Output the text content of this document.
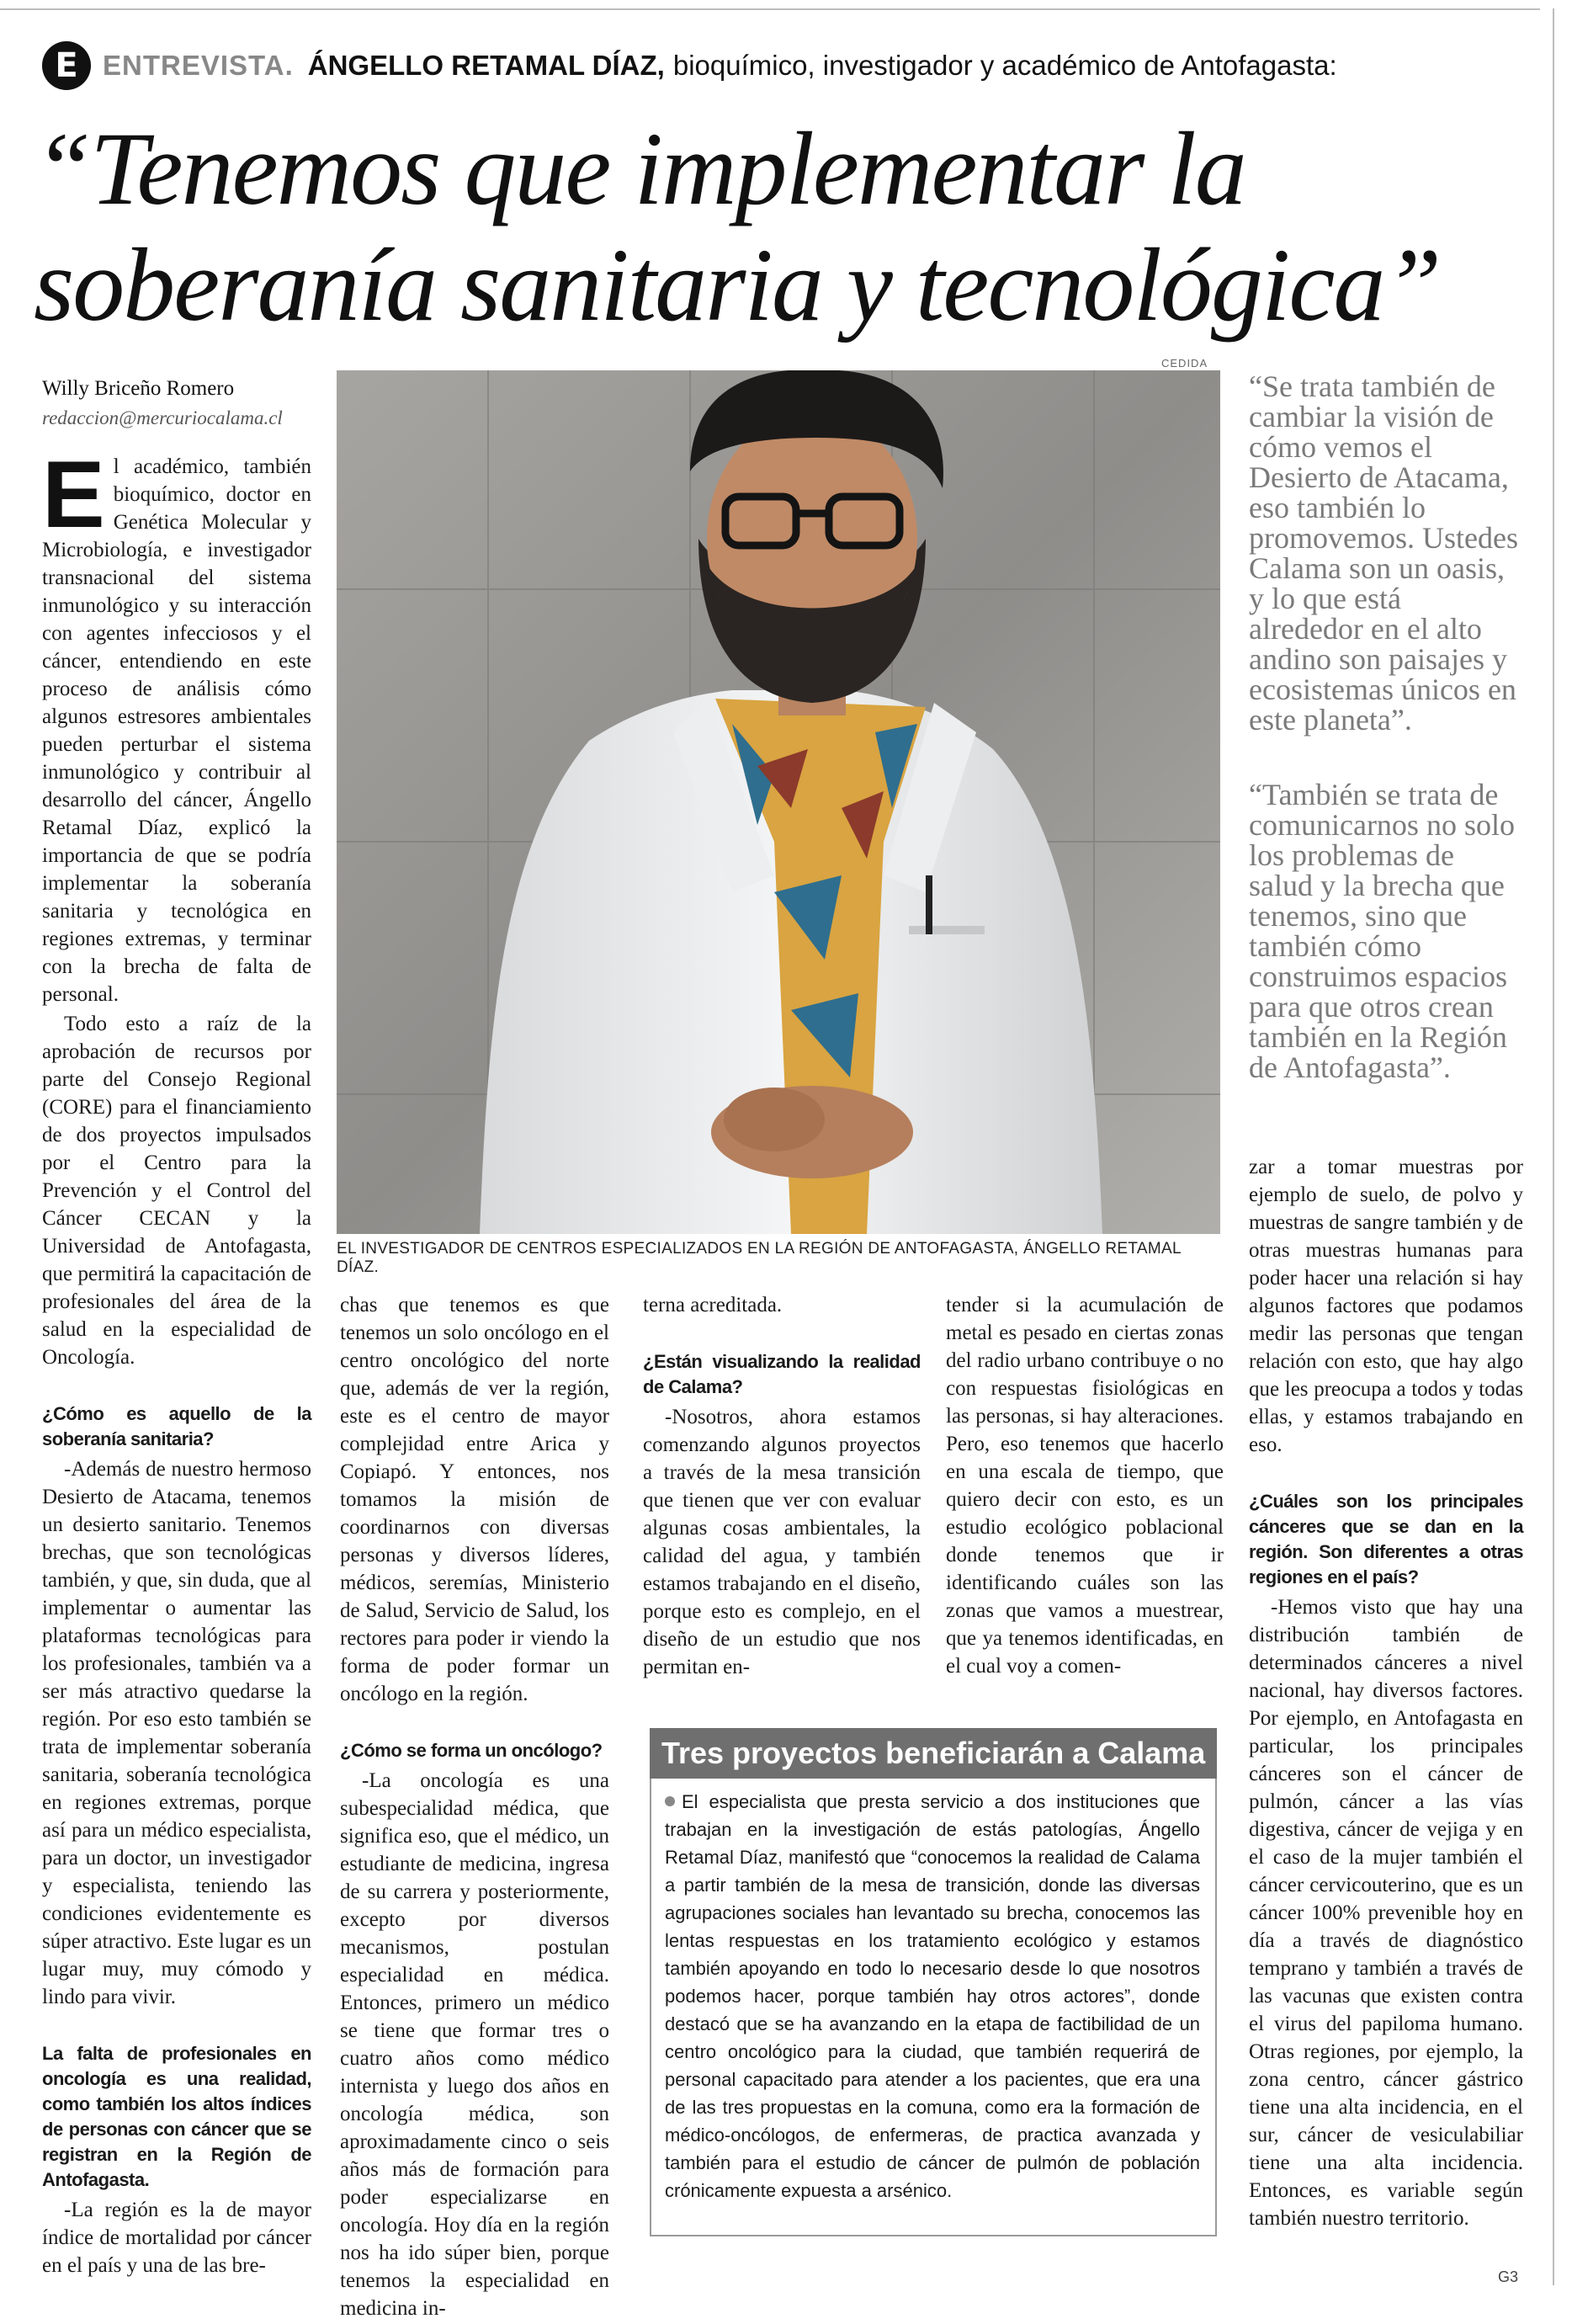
E ENTREVISTA . ÁNGELLO RETAMAL DÍAZ, bioquímico, investigador y académico de Antofagasta:
“Tenemos que implementar la
soberanía sanitaria y tecnológica”
Willy Briceño Romero
redaccion@mercuriocalama.cl

El académico, también bioquímico, doctor en Genética Molecular y Microbiología, e investigador transnacional del sistema inmunológico y su interacción con agentes infecciosos y el cáncer, entendiendo en este proceso de análisis cómo algunos estresores ambientales pueden perturbar el sistema inmunológico y contribuir al desarrollo del cáncer, Ángello Retamal Díaz, explicó la importancia de que se podría implementar la soberanía sanitaria y tecnológica en regiones extremas, y terminar con la brecha de falta de personal.

Todo esto a raíz de la aprobación de recursos por parte del Consejo Regional (CORE) para el financiamiento de dos proyectos impulsados por el Centro para la Prevención y el Control del Cáncer CECAN y la Universidad de Antofagasta, que permitirá la capacitación de profesionales del área de la salud en la especialidad de Oncología.

¿Cómo es aquello de la soberanía sanitaria?

-Además de nuestro hermoso Desierto de Atacama, tenemos un desierto sanitario. Tenemos brechas, que son tecnológicas también, y que, sin duda, que al implementar o aumentar las plataformas tecnológicas para los profesionales, también va a ser más atractivo quedarse la región. Por eso esto también se trata de implementar soberanía sanitaria, soberanía tecnológica en regiones extremas, porque así para un médico especialista, para un doctor, un investigador y especialista, teniendo las condiciones evidentemente es súper atractivo. Este lugar es un lugar muy, muy cómodo y lindo para vivir.

La falta de profesionales en oncología es una realidad, como también los altos índices de personas con cáncer que se registran en la Región de Antofagasta.

-La región es la de mayor índice de mortalidad por cáncer en el país y una de las bre-

CEDIDA
EL INVESTIGADOR DE CENTROS ESPECIALIZADOS EN LA REGIÓN DE ANTOFAGASTA, ÁNGELLO RETAMAL DÍAZ.
“Se trata también de cambiar la visión de cómo vemos el Desierto de Atacama, eso también lo promovemos. Ustedes Calama son un oasis, y lo que está alrededor en el alto andino son paisajes y ecosistemas únicos en este planeta”.
“También se trata de comunicarnos no solo los problemas de salud y la brecha que tenemos, sino que también cómo construimos espacios para que otros crean también en la Región de Antofagasta”.

chas que tenemos es que tenemos un solo oncólogo en el centro oncológico del norte que, además de ver la región, este es el centro de mayor complejidad entre Arica y Copiapó. Y entonces, nos tomamos la misión de coordinarnos con diversas personas y diversos líderes, médicos, seremías, Ministerio de Salud, Servicio de Salud, los rectores para poder ir viendo la forma de poder formar un oncólogo en la región.

¿Cómo se forma un oncólogo?

-La oncología es una subespecialidad médica, que significa eso, que el médico, un estudiante de medicina, ingresa de su carrera y posteriormente, excepto por diversos mecanismos, postulan especialidad en médica. Entonces, primero un médico se tiene que formar tres o cuatro años como médico internista y luego dos años en oncología médica, son aproximadamente cinco o seis años más de formación para poder especializarse en oncología. Hoy día en la región nos ha ido súper bien, porque tenemos la especialidad en medicina in-

terna acreditada.

¿Están visualizando la realidad de Calama?

-Nosotros, ahora estamos comenzando algunos proyectos a través de la mesa transición que tienen que ver con evaluar algunas cosas ambientales, la calidad del agua, y también estamos trabajando en el diseño, porque esto es complejo, en el diseño de un estudio que nos permitan en-

tender si la acumulación de metal es pesado en ciertas zonas del radio urbano contribuye o no con respuestas fisiológicas en las personas, si hay alteraciones. Pero, eso tenemos que hacerlo en una escala de tiempo, que quiero decir con esto, es un estudio ecológico poblacional donde tenemos que ir identificando cuáles son las zonas que vamos a muestrear, que ya tenemos identificadas, en el cual voy a comen-

zar a tomar muestras por ejemplo de suelo, de polvo y muestras de sangre también y de otras muestras humanas para poder hacer una relación si hay algunos factores que podamos medir las personas que tengan relación con esto, que hay algo que les preocupa a todos y todas ellas, y estamos trabajando en eso.

¿Cuáles son los principales cánceres que se dan en la región. Son diferentes a otras regiones en el país?

-Hemos visto que hay una distribución también de determinados cánceres a nivel nacional, hay diversos factores. Por ejemplo, en Antofagasta en particular, los principales cánceres son el cáncer de pulmón, cáncer a las vías digestiva, cáncer de vejiga y en el caso de la mujer también el cáncer cervicouterino, que es un cáncer 100% prevenible hoy en día a través de diagnóstico temprano y también a través de las vacunas que existen contra el virus del papiloma humano. Otras regiones, por ejemplo, la zona centro, cáncer gástrico tiene una alta incidencia, en el sur, cáncer de vesiculabiliar tiene una alta incidencia. Entonces, es variable según también nuestro territorio.

G3
Tres proyectos beneficiarán a Calama
El especialista que presta servicio a dos instituciones que trabajan en la investigación de estás patologías, Ángello Retamal Díaz, manifestó que “conocemos la realidad de Calama a partir también de la mesa de transición, donde las diversas agrupaciones sociales han levantado su brecha, conocemos las lentas respuestas en los tratamiento ecológico y estamos también apoyando en todo lo necesario desde lo que nosotros podemos hacer, porque también hay otros actores”, donde destacó que se ha avanzando en la etapa de factibilidad de un centro oncológico para la ciudad, que también requerirá de personal capacitado para atender a los pacientes, que era una de las tres propuestas en la comuna, como era la formación de médico-oncólogos, de enfermeras, de practica avanzada y también para el estudio de cáncer de pulmón de población crónicamente expuesta a arsénico.
